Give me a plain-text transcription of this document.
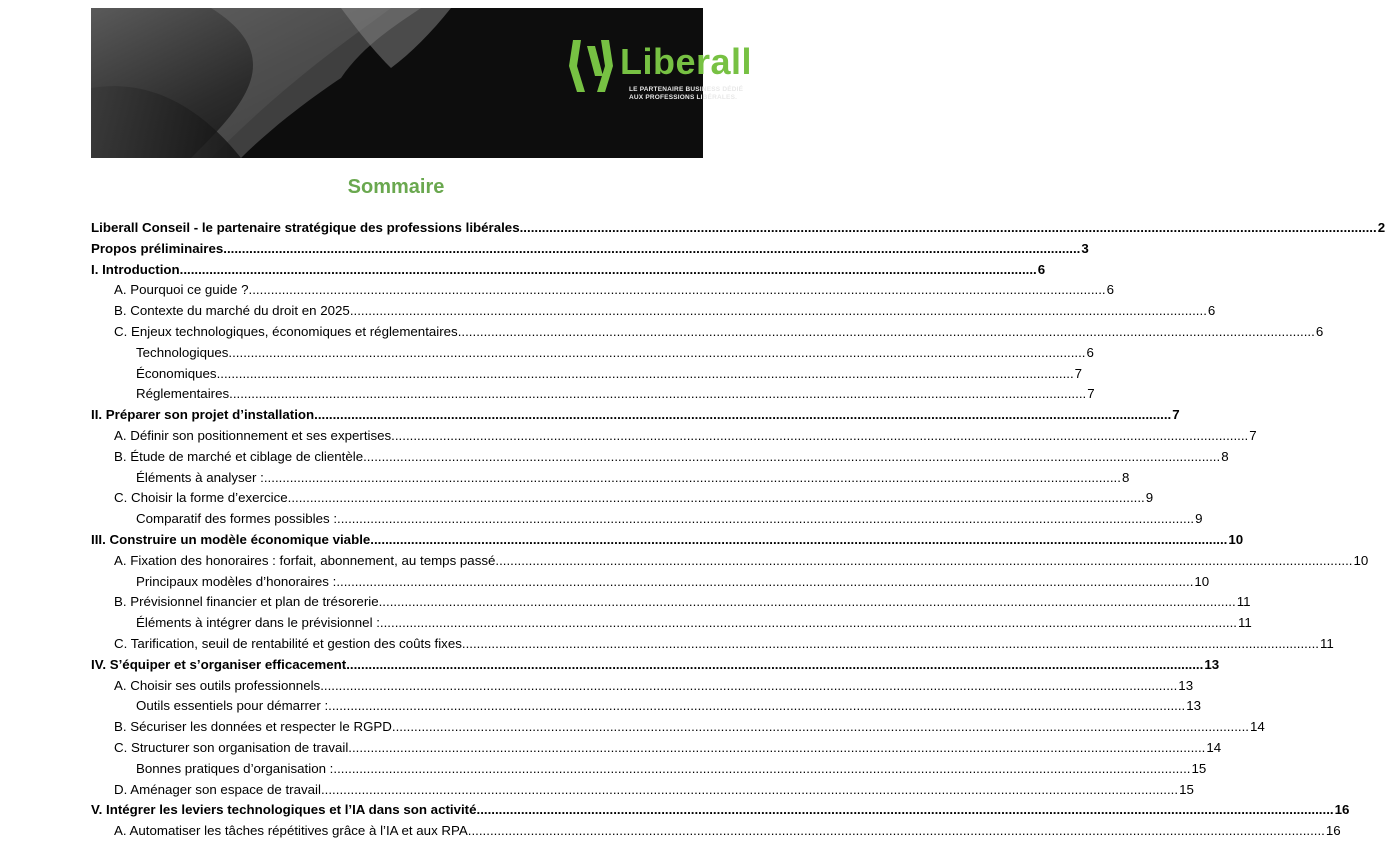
Liberall
LE PARTENAIRE BUSINESS DÉDIÉ
AUX PROFESSIONS LIBÉRALES.
Sommaire
Liberall Conseil - le partenaire stratégique des professions libérales .....	2
Propos préliminaires .....	3
I. Introduction .....	6
A. Pourquoi ce guide ? .....	6
B. Contexte du marché du droit en 2025 .....	6
C. Enjeux technologiques, économiques et réglementaires .....	6
Technologiques .....	6
Économiques .....	7
Réglementaires .....	7
II. Préparer son projet d’installation .....	7
A. Définir son positionnement et ses expertises .....	7
B. Étude de marché et ciblage de clientèle .....	8
Éléments à analyser : .....	8
C. Choisir la forme d’exercice .....	9
Comparatif des formes possibles : .....	9
III. Construire un modèle économique viable .....	10
A. Fixation des honoraires : forfait, abonnement, au temps passé .....	10
Principaux modèles d’honoraires : .....	10
B. Prévisionnel financier et plan de trésorerie .....	11
Éléments à intégrer dans le prévisionnel : .....	11
C. Tarification, seuil de rentabilité et gestion des coûts fixes .....	11
IV. S’équiper et s’organiser efficacement .....	13
A. Choisir ses outils professionnels .....	13
Outils essentiels pour démarrer : .....	13
B. Sécuriser les données et respecter le RGPD .....	14
C. Structurer son organisation de travail .....	14
Bonnes pratiques d’organisation : .....	15
D. Aménager son espace de travail .....	15
V. Intégrer les leviers technologiques et l’IA dans son activité .....	16
A. Automatiser les tâches répétitives grâce à l’IA et aux RPA .....	16
